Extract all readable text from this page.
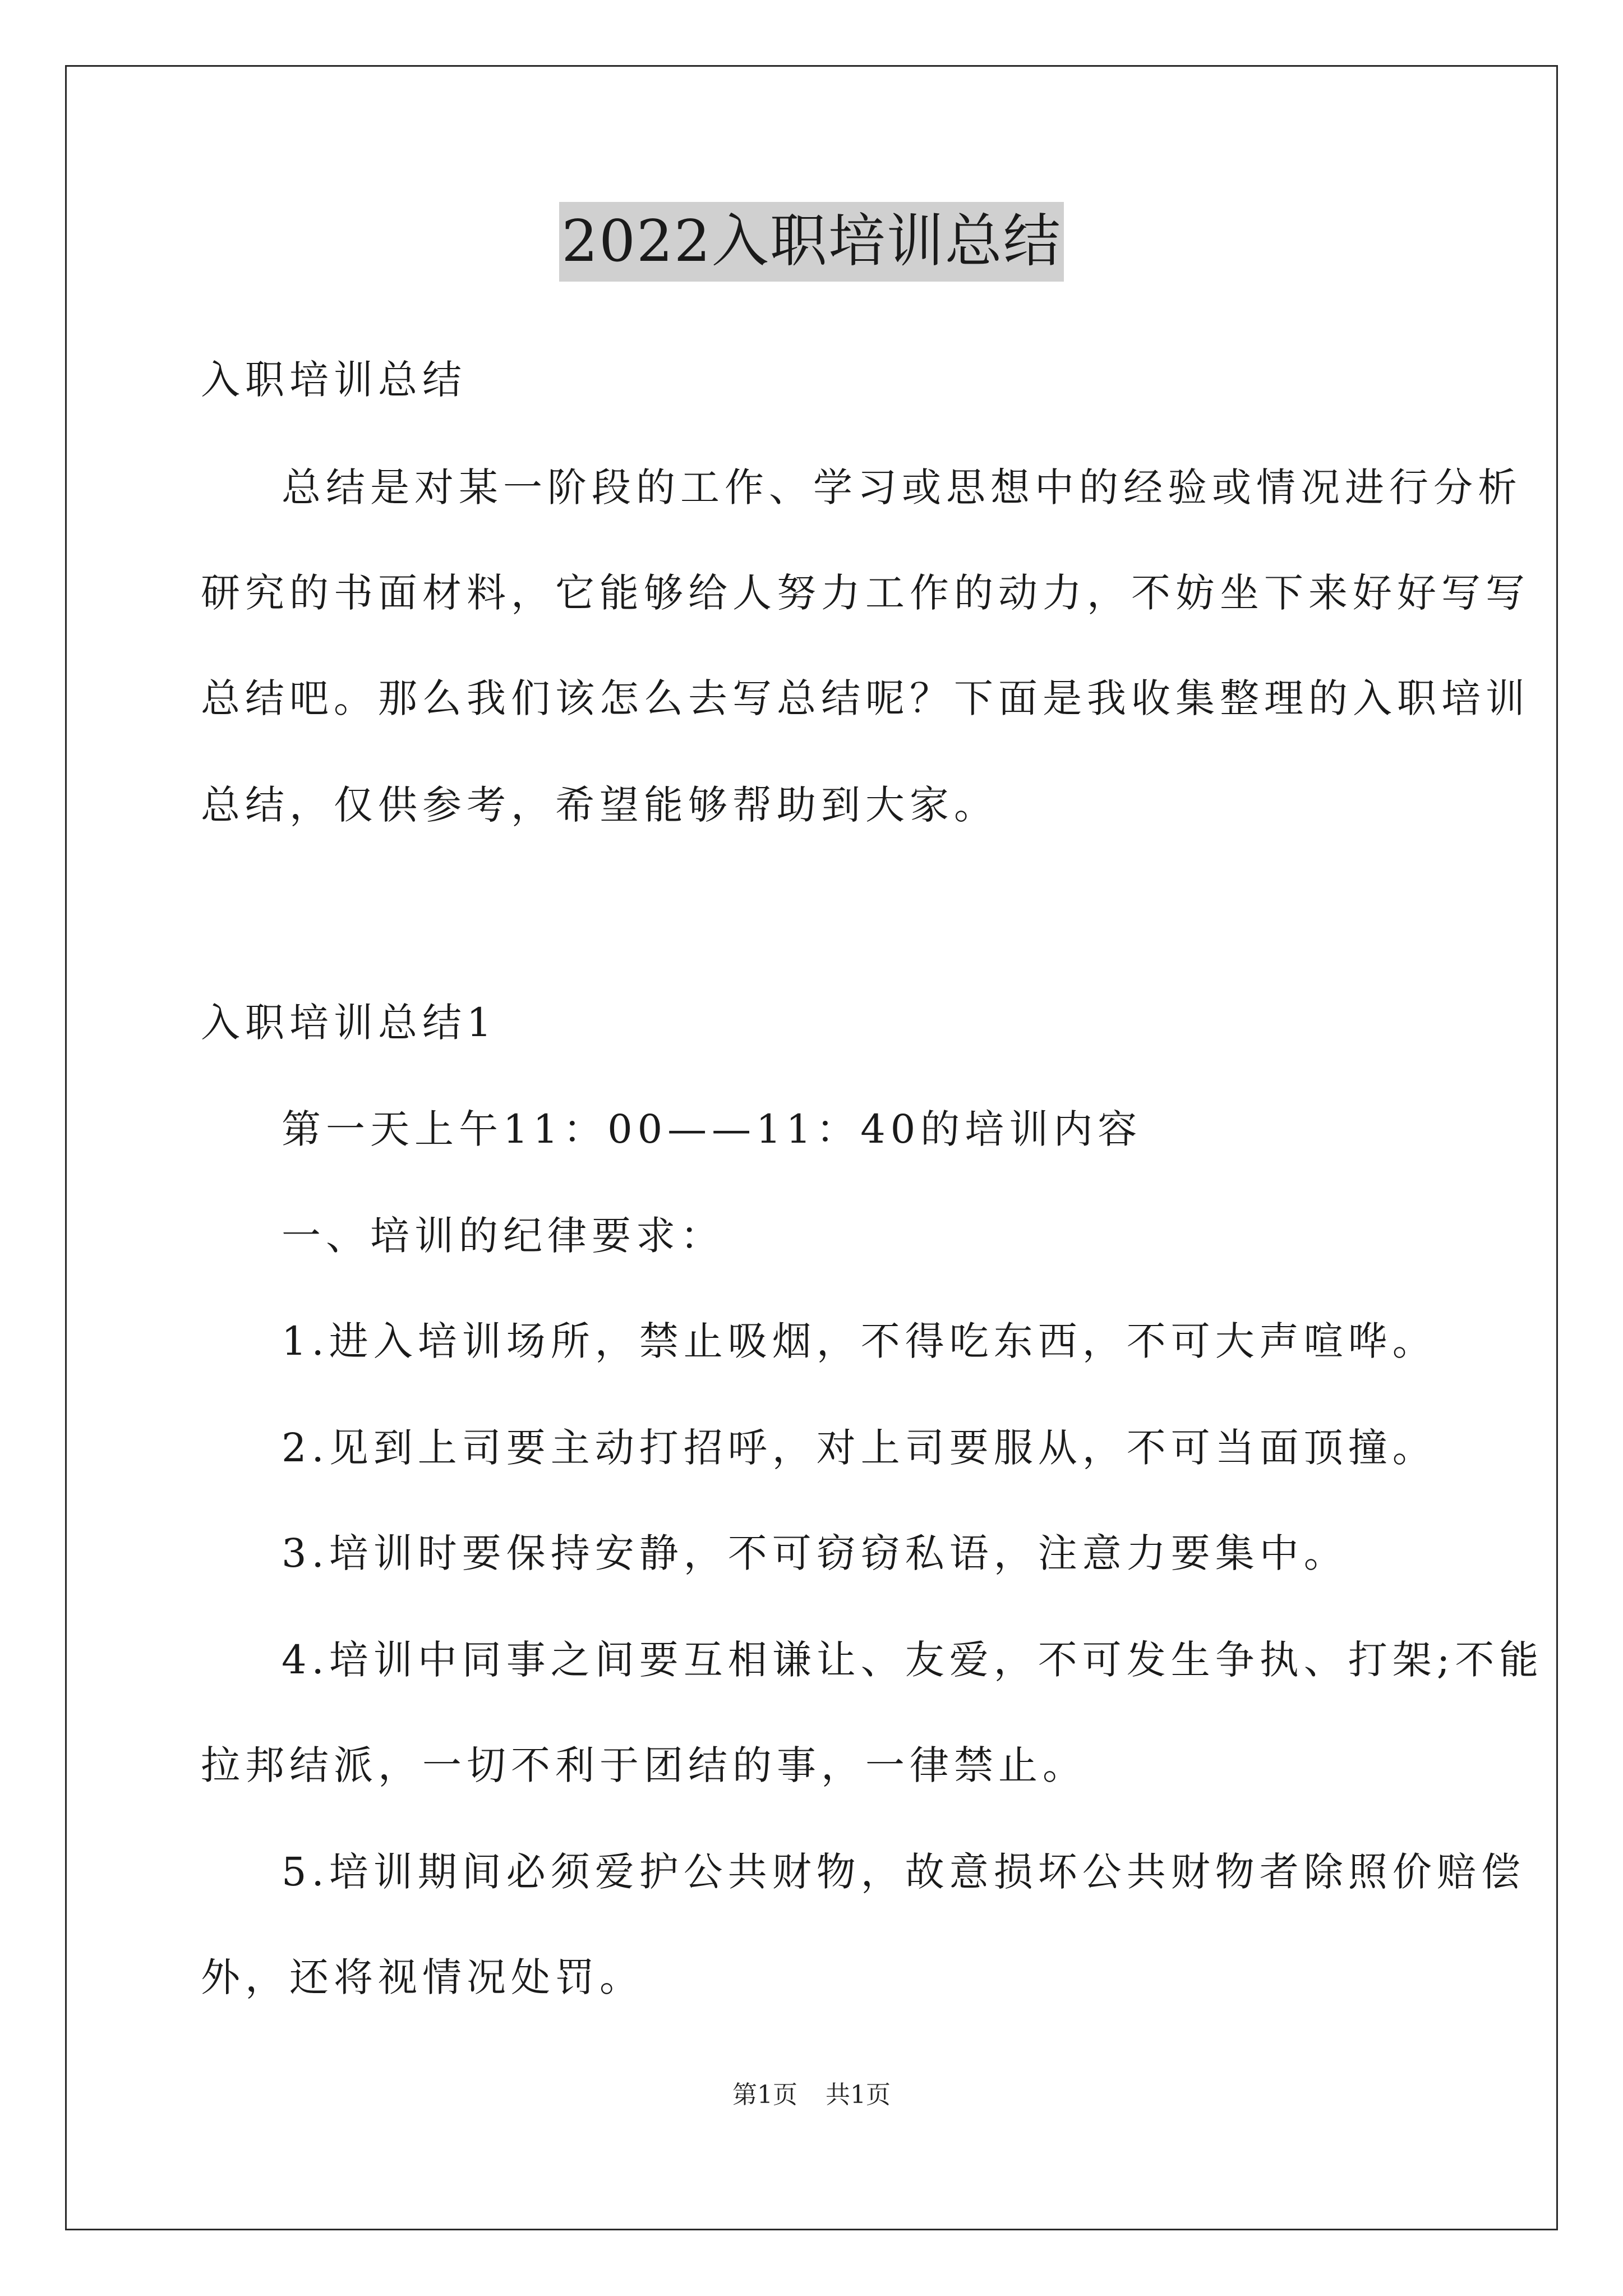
2022入职培训总结
入职培训总结
总结是对某一阶段的工作、学习或思想中的经验或情况进行分析
研究的书面材料，它能够给人努力工作的动力，不妨坐下来好好写写
总结吧。那么我们该怎么去写总结呢？下面是我收集整理的入职培训
总结，仅供参考，希望能够帮助到大家。
入职培训总结1
第一天上午11：00——11：40的培训内容
一、培训的纪律要求：
1.进入培训场所，禁止吸烟，不得吃东西，不可大声喧哗。
2.见到上司要主动打招呼，对上司要服从，不可当面顶撞。
3.培训时要保持安静，不可窃窃私语，注意力要集中。
4.培训中同事之间要互相谦让、友爱，不可发生争执、打架;不能
拉邦结派，一切不利于团结的事，一律禁止。
5.培训期间必须爱护公共财物，故意损坏公共财物者除照价赔偿
外，还将视情况处罚。
第1页 共1页
